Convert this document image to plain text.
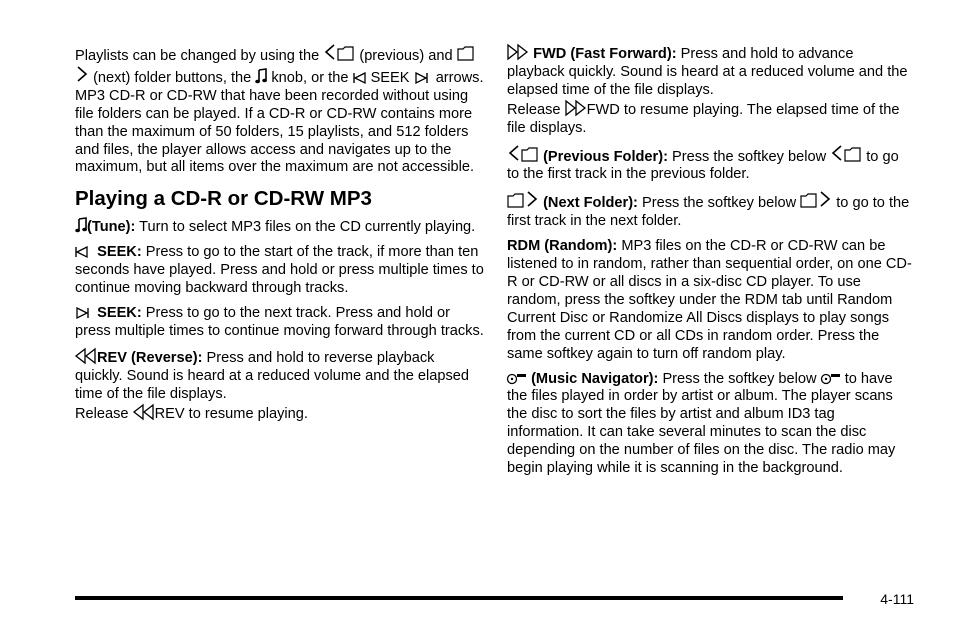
Playlists can be changed by using the	(previous) and    (next) folder buttons, the knob, or the SEEK arrows. MP3 CD-R or CD-RW that have been recorded without using file folders can be played. If a CD-R or CD-RW contains more than the maximum of 50 folders, 15 playlists, and 512 folders and files, the player allows access and navigates up to the maximum, but all items over the maximum are not accessible.

Playing a CD-R or CD-RW MP3

(Tune): Turn to select MP3 files on the CD currently playing.

SEEK: Press to go to the start of the track, if more than ten seconds have played. Press and hold or press multiple times to continue moving backward through tracks.

SEEK: Press to go to the next track. Press and hold or press multiple times to continue moving forward through tracks.

REV (Reverse): Press and hold to reverse playback quickly. Sound is heard at a reduced volume and the elapsed time of the file displays.
Release REV to resume playing.

FWD (Fast Forward): Press and hold to advance playback quickly. Sound is heard at a reduced volume and the elapsed time of the file displays.
Release FWD to resume playing. The elapsed time of the file displays.

(Previous Folder): Press the softkey below	to go to the first track in the previous folder.

(Next Folder): Press the softkey below	to go to the first track in the next folder.

RDM (Random): MP3 files on the CD-R or CD-RW can be listened to in random, rather than sequential order, on one CD-R or CD-RW or all discs in a six-disc CD player. To use random, press the softkey under the RDM tab until Random Current Disc or Randomize All Discs displays to play songs from the current CD or all CDs in random order. Press the same softkey again to turn off random play.

(Music Navigator): Press the softkey below to have the files played in order by artist or album. The player scans the disc to sort the files by artist and album ID3 tag information. It can take several minutes to scan the disc depending on the number of files on the disc. The radio may begin playing while it is scanning in the background.

4-111
